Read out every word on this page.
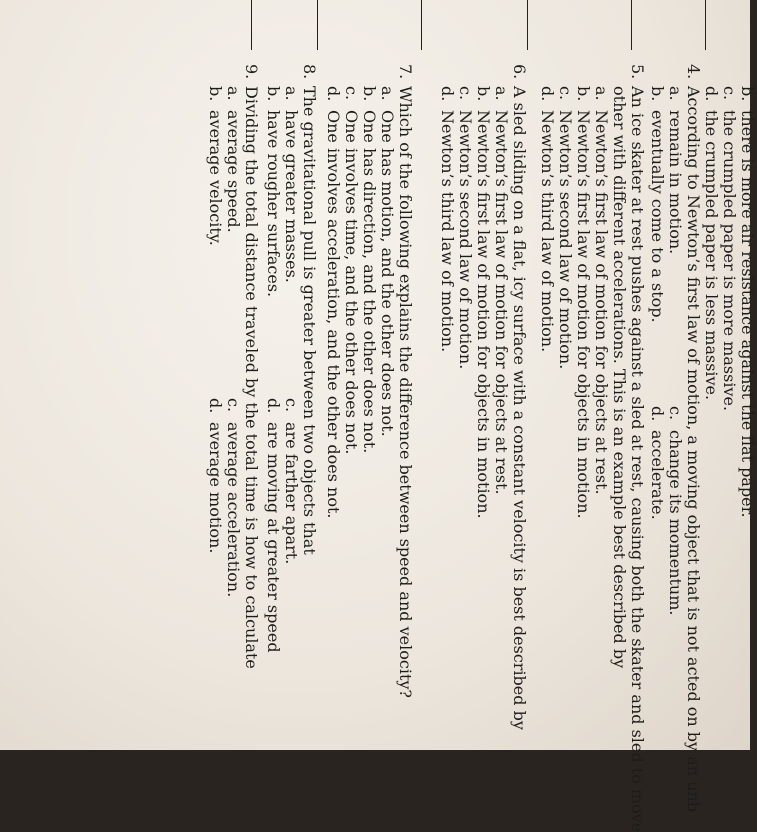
b.
there is more air resistance against the flat paper.
c.
the crumpled paper is more massive.
d.
the crumpled paper is less massive.
4.
According to Newton’s first law of motion, a moving object that is not acted on by an unb
a.
remain in motion.
c.
change its momentum.
b.
eventually come to a stop.
d.
accelerate.
5.
An ice skater at rest pushes against a sled at rest, causing both the skater and sled to move
other with different accelerations. This is an example best described by
a.
Newton’s first law of motion for objects at rest.
b.
Newton’s first law of motion for objects in motion.
c.
Newton’s second law of motion.
d.
Newton’s third law of motion.
6.
A sled sliding on a flat, icy surface with a constant velocity is best described by
a.
Newton’s first law of motion for objects at rest.
b.
Newton’s first law of motion for objects in motion.
c.
Newton’s second law of motion.
d.
Newton’s third law of motion.
7.
Which of the following explains the difference between speed and velocity?
a.
One has motion, and the other does not.
b.
One has direction, and the other does not.
c.
One involves time, and the other does not.
d.
One involves acceleration, and the other does not.
8.
The gravitational pull is greater between two objects that
a.
have greater masses.
c.
are farther apart.
b.
have rougher surfaces.
d.
are moving at greater speed
9.
Dividing the total distance traveled by the total time is how to calculate
a.
average speed.
c.
average acceleration.
b.
average velocity.
d.
average motion.
